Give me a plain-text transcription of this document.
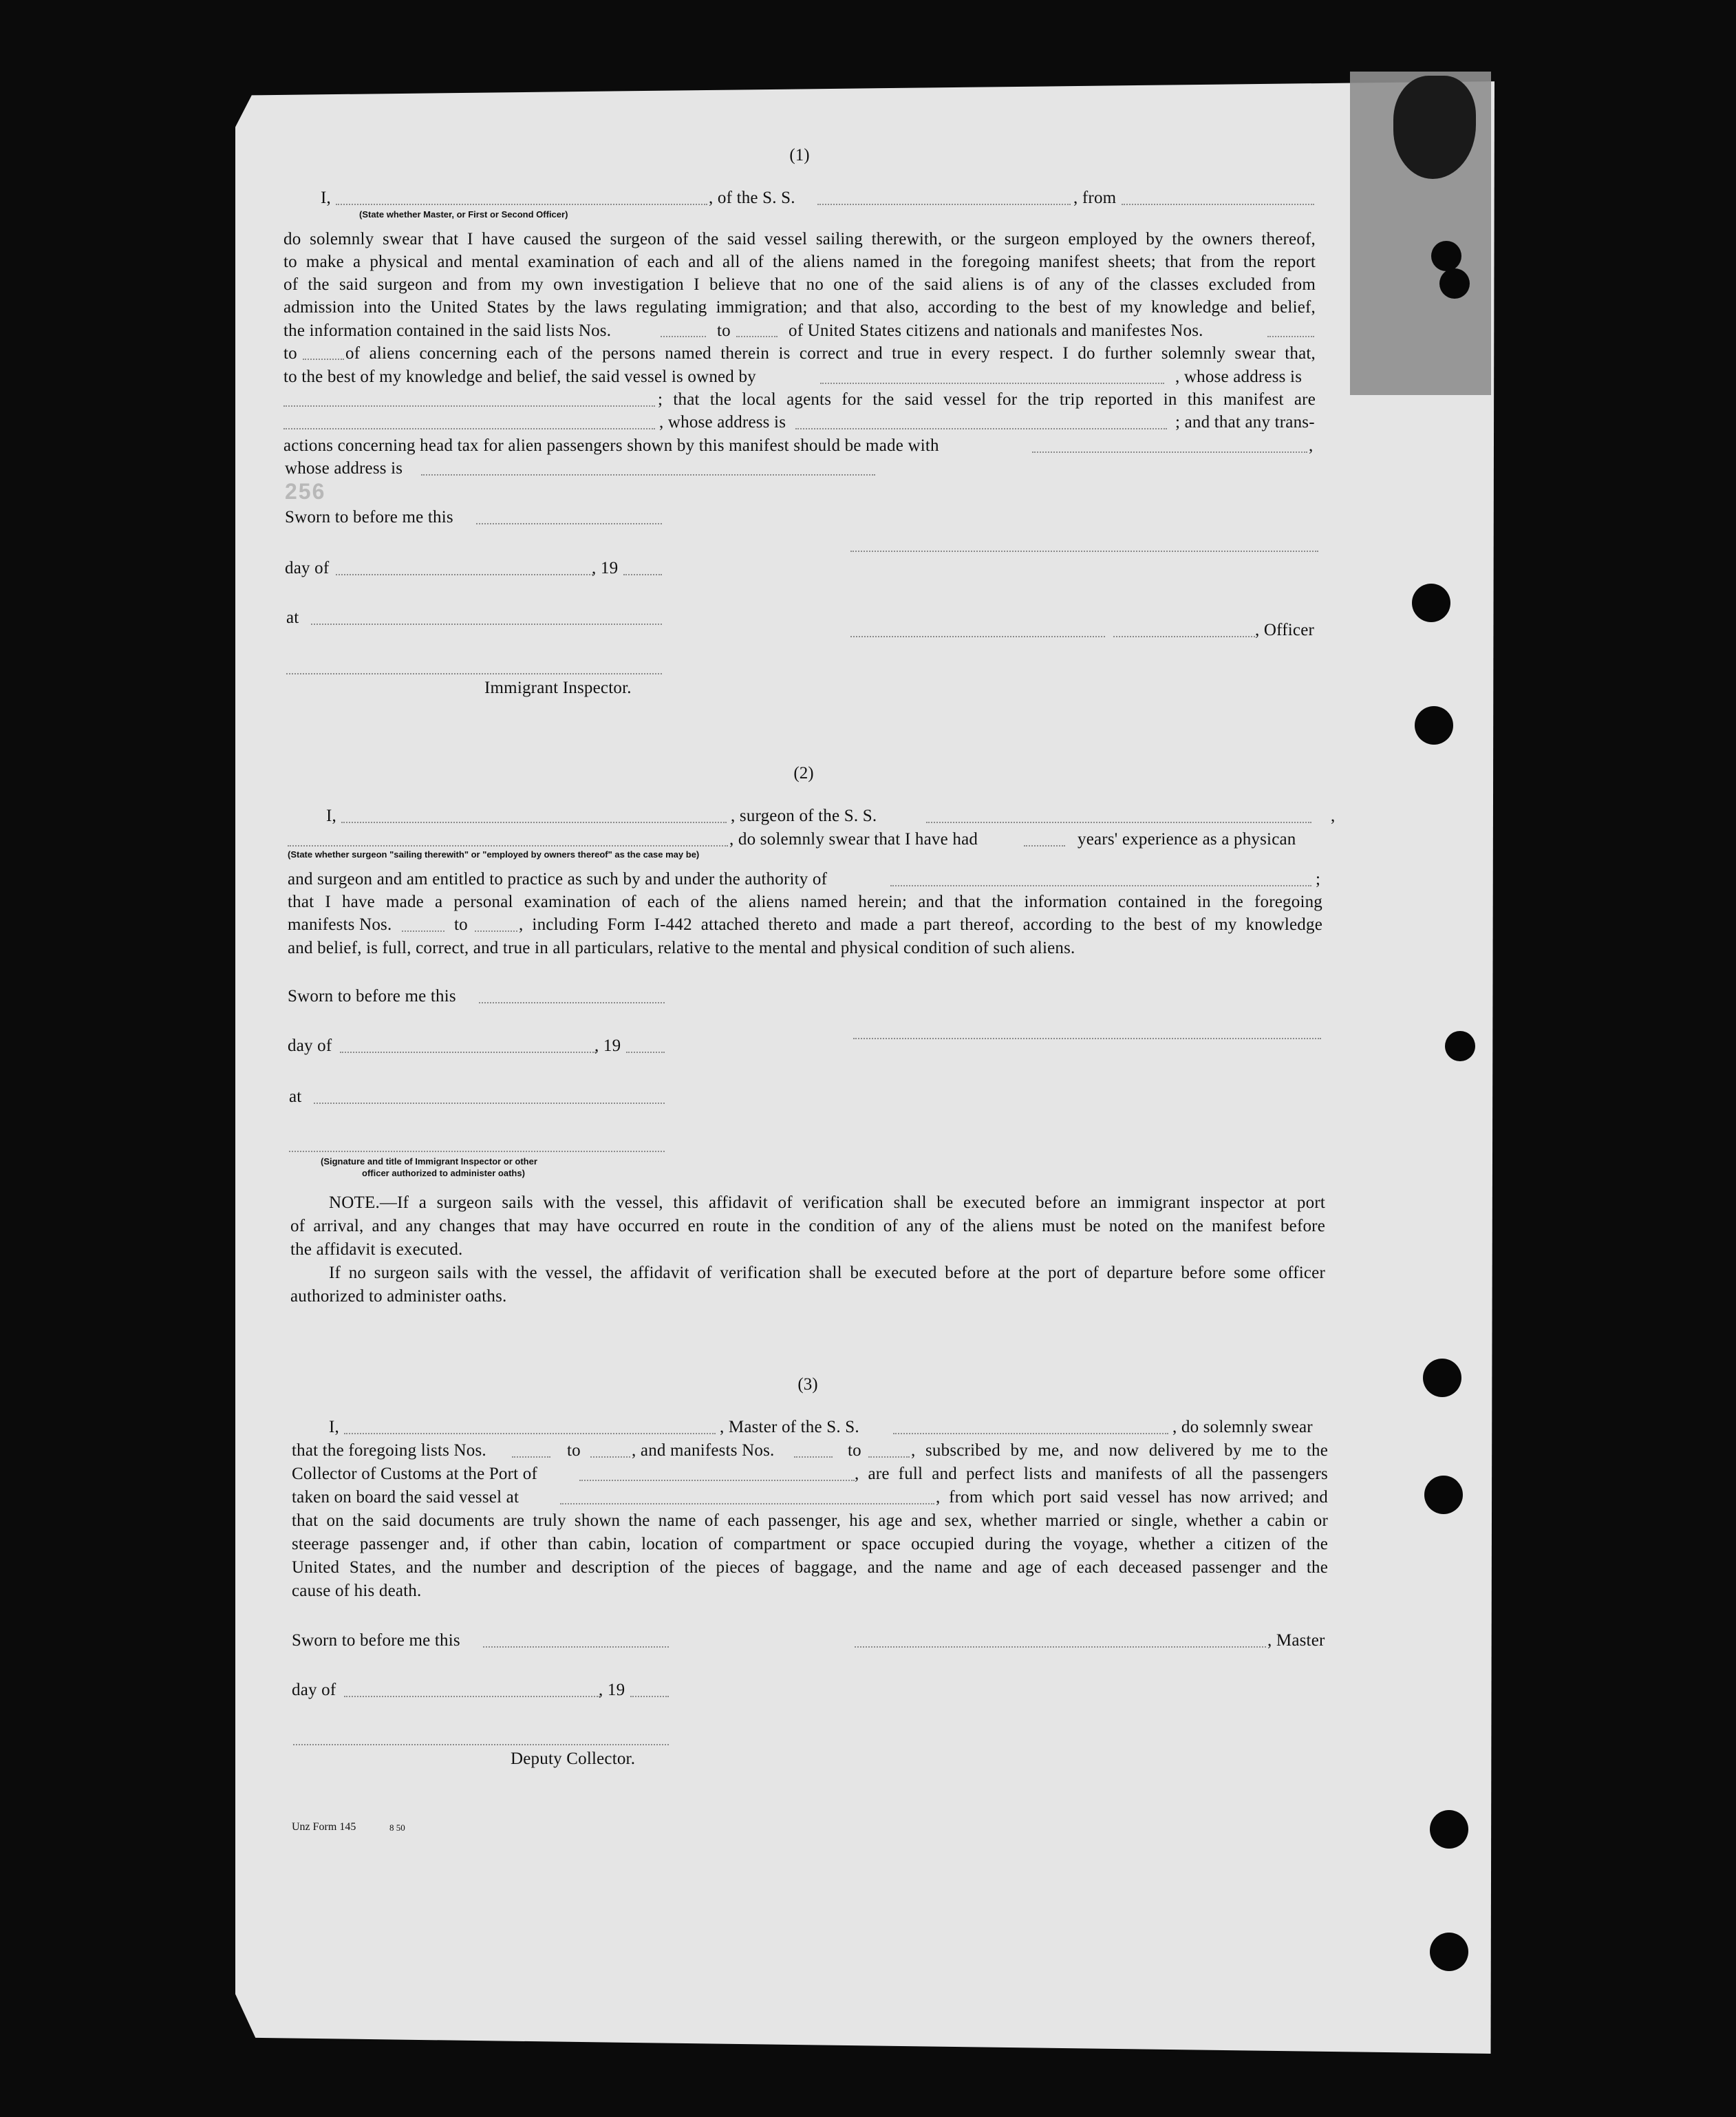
(1)
I,	, of the S. S.	, from
(State whether Master, or First or Second Officer)
do solemnly swear that I have caused the surgeon of the said vessel sailing therewith, or the surgeon employed by the owners thereof,
to make a physical and mental examination of each and all of the aliens named in the foregoing manifest sheets; that from the report
of the said surgeon and from my own investigation I believe that no one of the said aliens is of any of the classes excluded from
admission into the United States by the laws regulating immigration; and that also, according to the best of my knowledge and belief,
the information contained in the said lists Nos.	to	of United States citizens and nationals and manifestes Nos.
to	of aliens concerning each of the persons named therein is correct and true in every respect. I do further solemnly swear that,
to the best of my knowledge and belief, the said vessel is owned by	, whose address is
; that the local agents for the said vessel for the trip reported in this manifest are
, whose address is	; and that any trans-
actions concerning head tax for alien passengers shown by this manifest should be made with	,
whose address is
256
Sworn to before me this
day of	, 19
at
, Officer
Immigrant Inspector.
(2)
I,	, surgeon of the S. S.	,
, do solemnly swear that I have had	years' experience as a physican
(State whether surgeon "sailing therewith" or "employed by owners thereof" as the case may be)
and surgeon and am entitled to practice as such by and under the authority of	;
that I have made a personal examination of each of the aliens named herein; and that the information contained in the foregoing
manifests Nos.	to	, including Form I-442 attached thereto and made a part thereof, according to the best of my knowledge
and belief, is full, correct, and true in all particulars, relative to the mental and physical condition of such aliens.
Sworn to before me this
day of	, 19
at
(Signature and title of Immigrant Inspector or other
officer authorized to administer oaths)
NOTE.—If a surgeon sails with the vessel, this affidavit of verification shall be executed before an immigrant inspector at port
of arrival, and any changes that may have occurred en route in the condition of any of the aliens must be noted on the manifest before
the affidavit is executed.
If no surgeon sails with the vessel, the affidavit of verification shall be executed before at the port of departure before some officer
authorized to administer oaths.
(3)
I,	, Master of the S. S.	, do solemnly swear
that the foregoing lists Nos.	to	, and manifests Nos.	to	, subscribed by me, and now delivered by me to the
Collector of Customs at the Port of	, are full and perfect lists and manifests of all the passengers
taken on board the said vessel at	, from which port said vessel has now arrived; and
that on the said documents are truly shown the name of each passenger, his age and sex, whether married or single, whether a cabin or
steerage passenger and, if other than cabin, location of compartment or space occupied during the voyage, whether a citizen of the
United States, and the number and description of the pieces of baggage, and the name and age of each deceased passenger and the
cause of his death.
Sworn to before me this	, Master
day of	, 19
Deputy Collector.
Unz Form 145	8 50
